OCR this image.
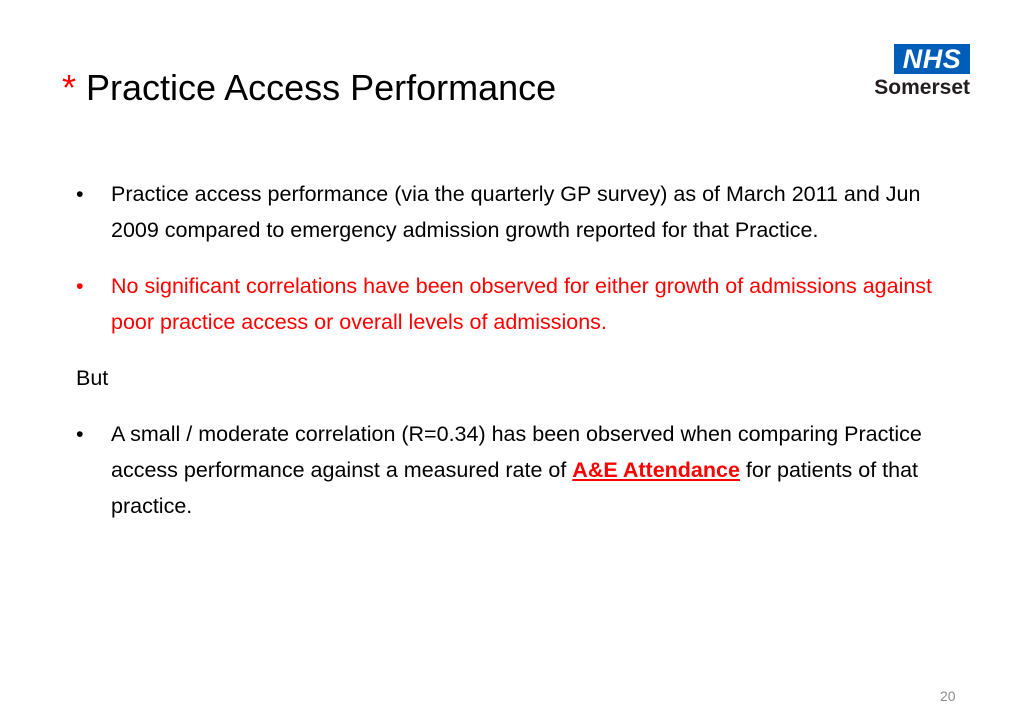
* Practice Access Performance
NHS
Somerset
• Practice access performance (via the quarterly GP survey) as of March 2011 and Jun 2009 compared to emergency admission growth reported for that Practice.
• No significant correlations have been observed for either growth of admissions against poor practice access or overall levels of admissions.
But
• A small / moderate correlation (R=0.34) has been observed when comparing Practice access performance against a measured rate of A&E Attendance for patients of that practice.
20
